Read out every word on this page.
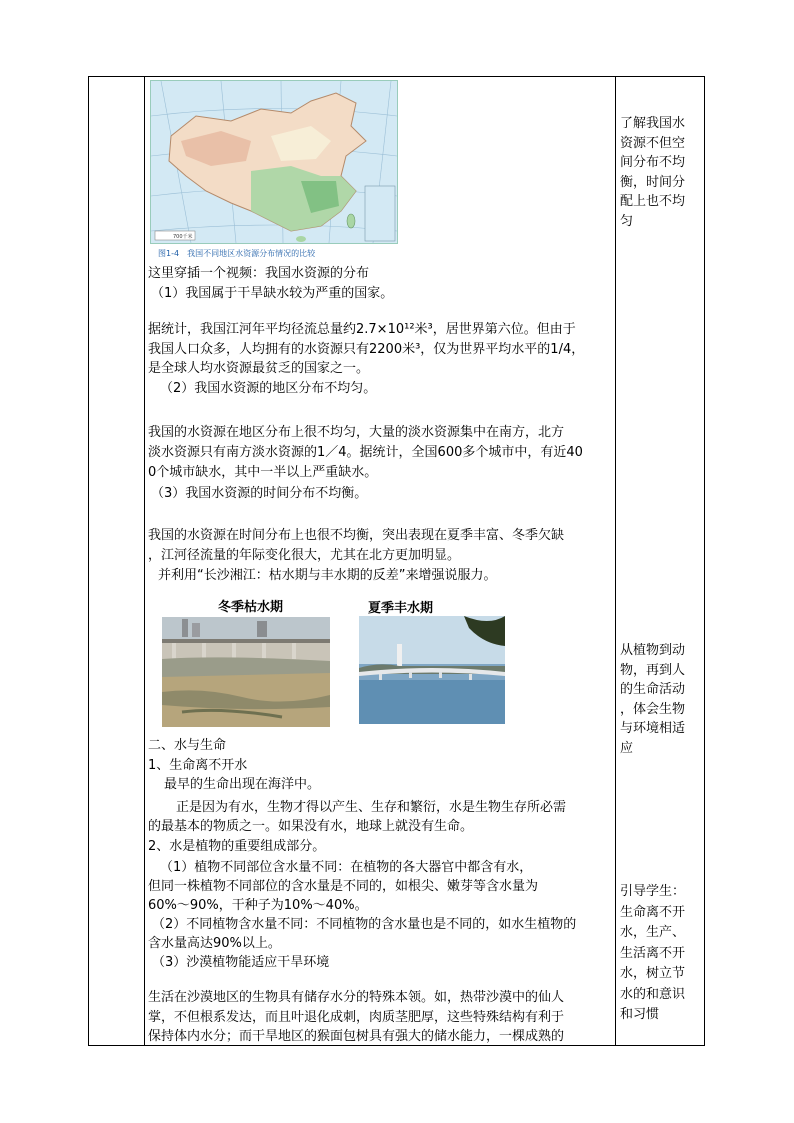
700千米
图1-4　我国不同地区水资源分布情况的比较
这里穿插一个视频：我国水资源的分布
（1）我国属于干旱缺水较为严重的国家。
据统计，我国江河年平均径流总量约2.7×10¹²米³，居世界第六位。但由于
我国人口众多，人均拥有的水资源只有2200米³，仅为世界平均水平的1/4，
是全球人均水资源最贫乏的国家之一。
（2）我国水资源的地区分布不均匀。
我国的水资源在地区分布上很不均匀，大量的淡水资源集中在南方，北方
淡水资源只有南方淡水资源的1／4。据统计，全国600多个城市中，有近40
0个城市缺水，其中一半以上严重缺水。
（3）我国水资源的时间分布不均衡。
我国的水资源在时间分布上也很不均衡，突出表现在夏季丰富、冬季欠缺
，江河径流量的年际变化很大，尤其在北方更加明显。
并利用“长沙湘江：枯水期与丰水期的反差”来增强说服力。
冬季枯水期	夏季丰水期
二、水与生命
1、生命离不开水
最早的生命出现在海洋中。
正是因为有水，生物才得以产生、生存和繁衍，水是生物生存所必需
的最基本的物质之一。如果没有水，地球上就没有生命。
2、水是植物的重要组成部分。
（1）植物不同部位含水量不同：在植物的各大器官中都含有水，
但同一株植物不同部位的含水量是不同的，如根尖、嫩芽等含水量为
60%～90%，干种子为10%～40%。
（2）不同植物含水量不同：不同植物的含水量也是不同的，如水生植物的
含水量高达90%以上。
（3）沙漠植物能适应干旱环境
生活在沙漠地区的生物具有储存水分的特殊本领。如，热带沙漠中的仙人
掌，不但根系发达，而且叶退化成刺，肉质茎肥厚，这些特殊结构有利于
保持体内水分；而干旱地区的猴面包树具有强大的储水能力，一棵成熟的
了解我国水
资源不但空
间分布不均
衡，时间分
配上也不均
匀
从植物到动
物，再到人
的生命活动
，体会生物
与环境相适
应
引导学生：
生命离不开
水，生产、
生活离不开
水，树立节
水的和意识
和习惯
